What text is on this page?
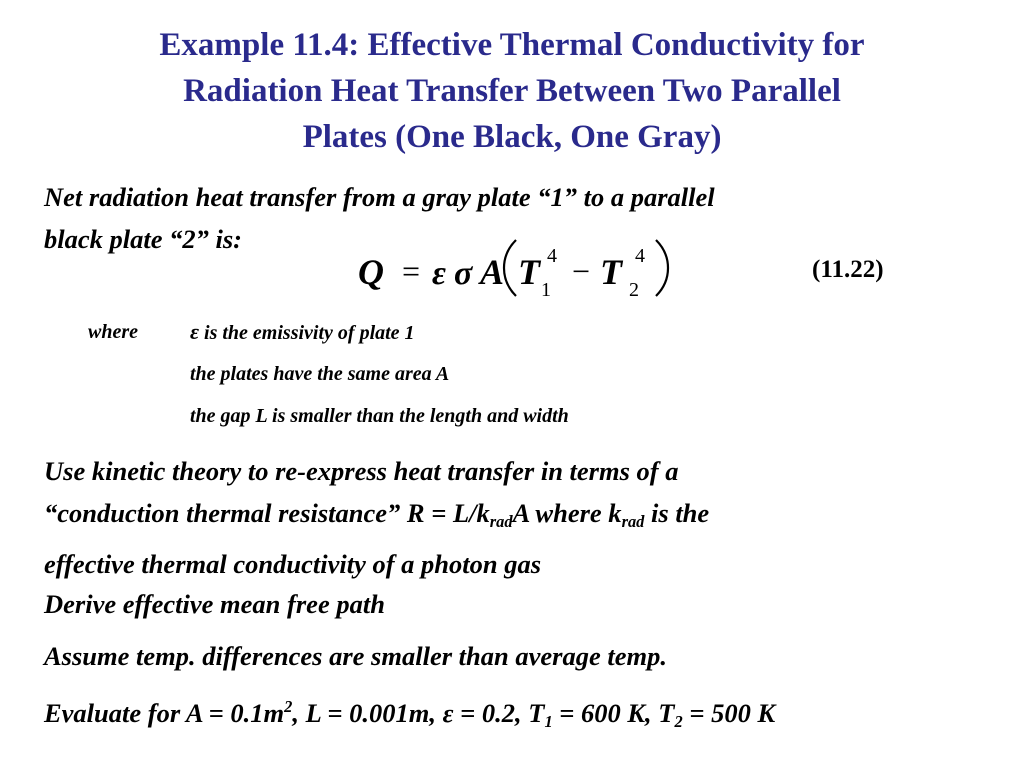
Example 11.4: Effective Thermal Conductivity for
Radiation Heat Transfer Between Two Parallel
Plates (One Black, One Gray)
Net radiation heat transfer from a gray plate “1” to a parallel
black plate “2” is:
Q = ε σ A T 4
1
− T 4
2
(11.22)
where ε is the emissivity of plate 1
the plates have the same area A
the gap L is smaller than the length and width
Use kinetic theory to re-express heat transfer in terms of a
“conduction thermal resistance” $R = L/k_{rad}A$ where $k_{rad}$ is the
effective thermal conductivity of a photon gas
Derive effective mean free path
Assume temp. differences are smaller than average temp.
Evaluate for $A = 0.1m^2$, L = 0.001m, ε = 0.2, $T_1 = 600$ K, $T_2 = 500$ K
